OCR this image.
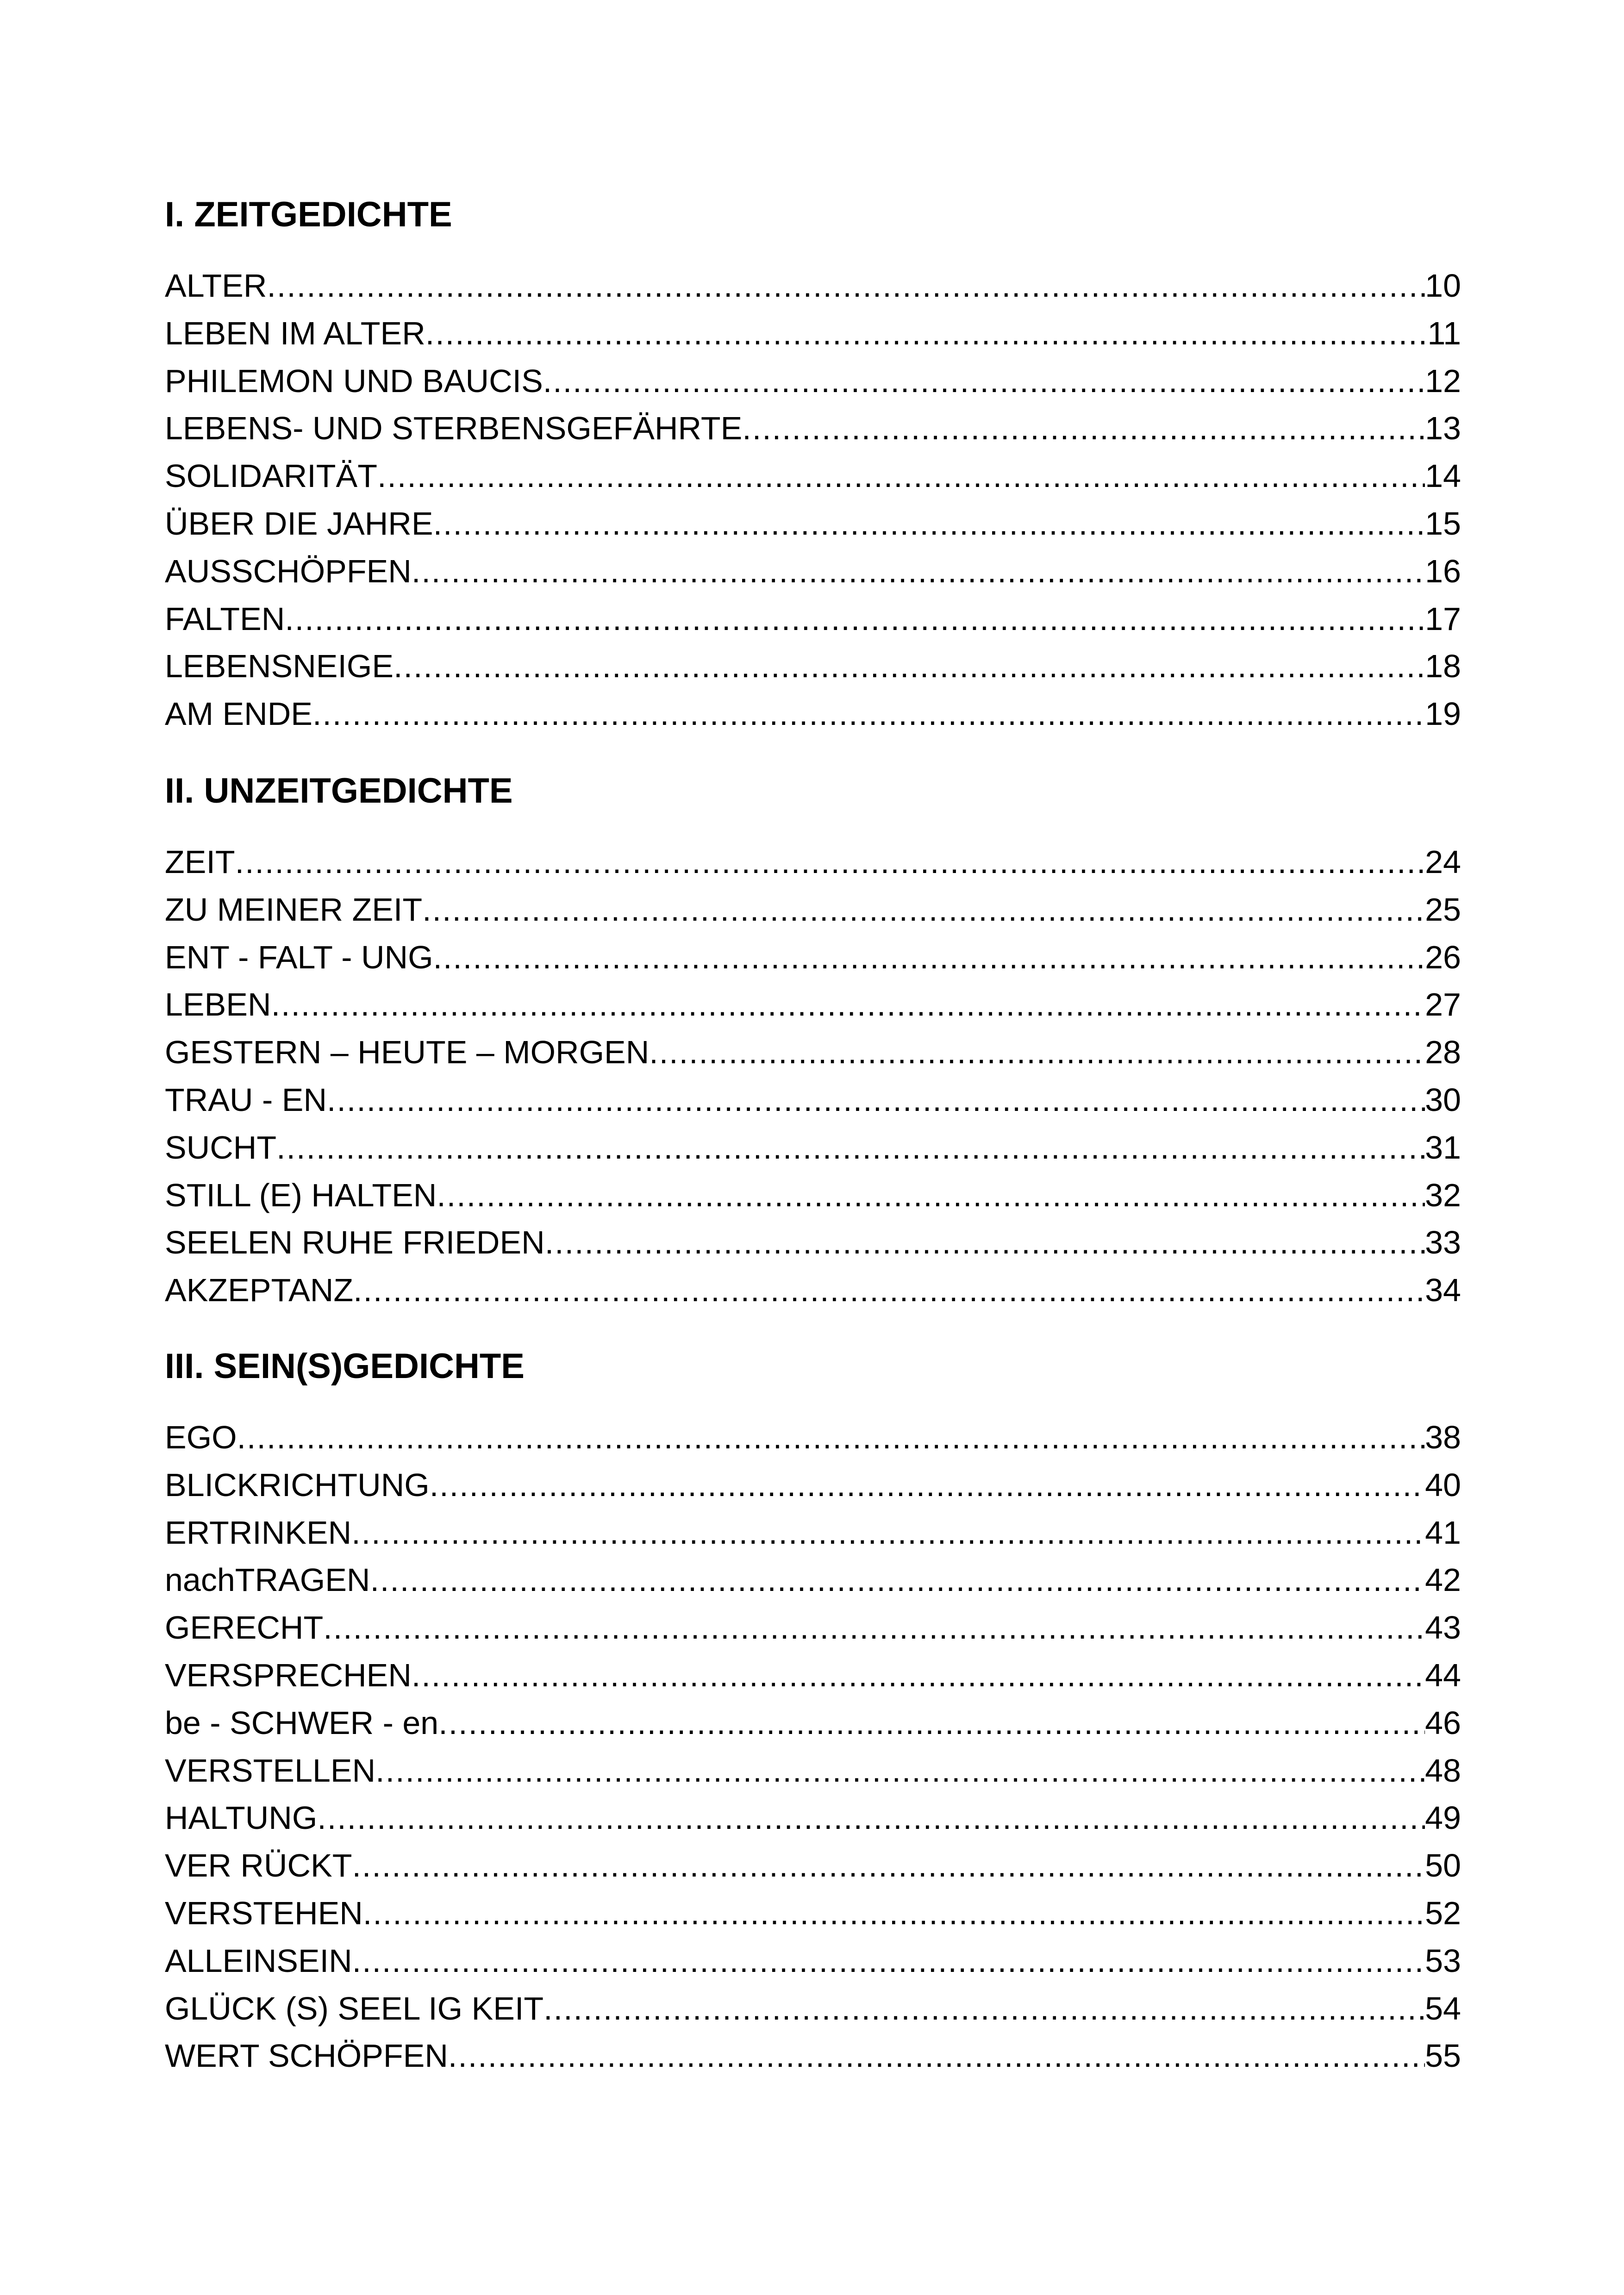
I. ZEITGEDICHTE
ALTER .....	10
LEBEN IM ALTER .....	11
PHILEMON UND BAUCIS .....	12
LEBENS- UND STERBENSGEFÄHRTE .....	13
SOLIDARITÄT .....	14
ÜBER DIE JAHRE .....	15
AUSSCHÖPFEN .....	16
FALTEN .....	17
LEBENSNEIGE .....	18
AM ENDE .....	19
II. UNZEITGEDICHTE
ZEIT .....	24
ZU MEINER ZEIT .....	25
ENT - FALT - UNG .....	26
LEBEN .....	27
GESTERN – HEUTE – MORGEN .....	28
TRAU - EN .....	30
SUCHT .....	31
STILL (E) HALTEN .....	32
SEELEN RUHE FRIEDEN .....	33
AKZEPTANZ .....	34
III. SEIN(S)GEDICHTE
EGO .....	38
BLICKRICHTUNG .....	40
ERTRINKEN .....	41
nachTRAGEN .....	42
GERECHT .....	43
VERSPRECHEN .....	44
be - SCHWER - en .....	46
VERSTELLEN .....	48
HALTUNG .....	49
VER RÜCKT .....	50
VERSTEHEN .....	52
ALLEINSEIN .....	53
GLÜCK (S) SEEL IG KEIT .....	54
WERT SCHÖPFEN .....	55
